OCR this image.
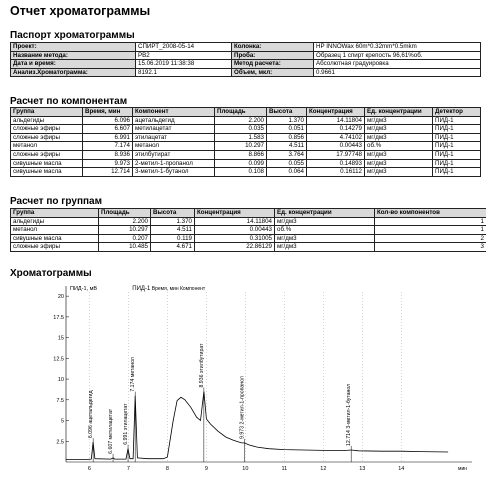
Отчет хроматограммы
Паспорт хроматограммы
Проект:	СПИРТ_2008-05-14	Колонка:	HP INNOWax 60m*0.32mm*0.5mkm
Название метода:	PB2	Проба:	Образец 1 спирт крепость 96,61%об.
Дата и время:	15.06.2019 11:38:38	Метод расчета:	Абсолютная градуировка
Анализ.Хроматограмма:	8192.1	Объем, мкл:	0.9661
Расчет по компонентам
Группа	Время, мин	Компонент	Площадь	Высота	Концентрация	Ед. концентрации	Детектор
альдегиды	6.096	ацетальдегид	2.200	1.370	14.11804	мг/дм3	ПИД-1
сложные эфиры	6.607	метилацетат	0.035	0.051	0.14279	мг/дм3	ПИД-1
сложные эфиры	6.991	этилацетат	1.583	0.856	4.74102	мг/дм3	ПИД-1
метанол	7.174	метанол	10.297	4.511	0.00443	об.%	ПИД-1
сложные эфиры	8.936	этилбутират	8.866	3.764	17.97748	мг/дм3	ПИД-1
сивушные масла	9.973	2-метил-1-пропанол	0.099	0.055	0.14893	мг/дм3	ПИД-1
сивушные масла	12.714	3-метил-1-бутанол	0.108	0.064	0.16112	мг/дм3	ПИД-1
Расчет по группам
Группа	Площадь	Высота	Концентрация	Ед. концентрации	Кол-во компонентов
альдегиды	2.200	1.370	14.11804	мг/дм3	1
метанол	10.297	4.511	0.00443	об.%	1
сивушные масла	0.207	0.119	0.31005	мг/дм3	2
сложные эфиры	10.485	4.671	22.86129	мг/дм3	3
Хроматограммы
2.5
5
7.5
10
12.5
15
17.5
20
6	7	8	9	10	11	12	13	14
6.096 ацетальдегид	6.607 метилацетат 6.991 этилацетат
7.174 метанол	8.936 этилбутират
9.973 2-метил-1-пропанол	12.714 3-метил-1-бутанол
ПИД-1, мВ	ПИД-1 Время, мин Компонент
мин
